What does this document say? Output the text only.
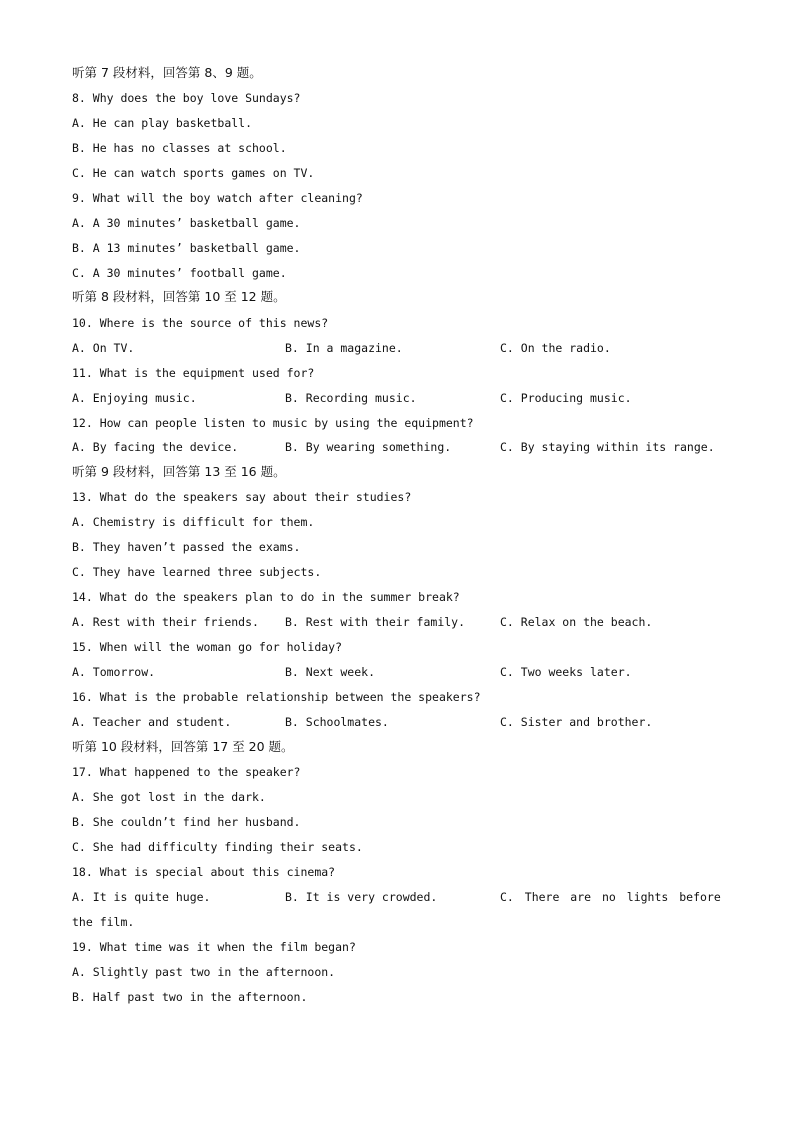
听第 7 段材料，回答第 8、9 题。
8. Why does the boy love Sundays?
A. He can play basketball.
B. He has no classes at school.
C. He can watch sports games on TV.
9. What will the boy watch after cleaning?
A. A 30 minutes’ basketball game.
B. A 13 minutes’ basketball game.
C. A 30 minutes’ football game.
听第 8 段材料，回答第 10 至 12 题。
10. Where is the source of this news?
A. On TV.	B. In a magazine.	C. On the radio.
11. What is the equipment used for?
A. Enjoying music.	B. Recording music.	C. Producing music.
12. How can people listen to music by using the equipment?
A. By facing the device.	B. By wearing something.	C. By staying within its range.
听第 9 段材料，回答第 13 至 16 题。
13. What do the speakers say about their studies?
A. Chemistry is difficult for them.
B. They haven’t passed the exams.
C. They have learned three subjects.
14. What do the speakers plan to do in the summer break?
A. Rest with their friends. B. Rest with their family.	C. Relax on the beach.
15. When will the woman go for holiday?
A. Tomorrow.	B. Next week.	C. Two weeks later.
16. What is the probable relationship between the speakers?
A. Teacher and student.	B. Schoolmates.	C. Sister and brother.
听第 10 段材料，回答第 17 至 20 题。
17. What happened to the speaker?
A. She got lost in the dark.
B. She couldn’t find her husband.
C. She had difficulty finding their seats.
18. What is special about this cinema?
A. It is quite huge.	B. It is very crowded.	C. There are no lights before
the film.
19. What time was it when the film began?
A. Slightly past two in the afternoon.
B. Half past two in the afternoon.
